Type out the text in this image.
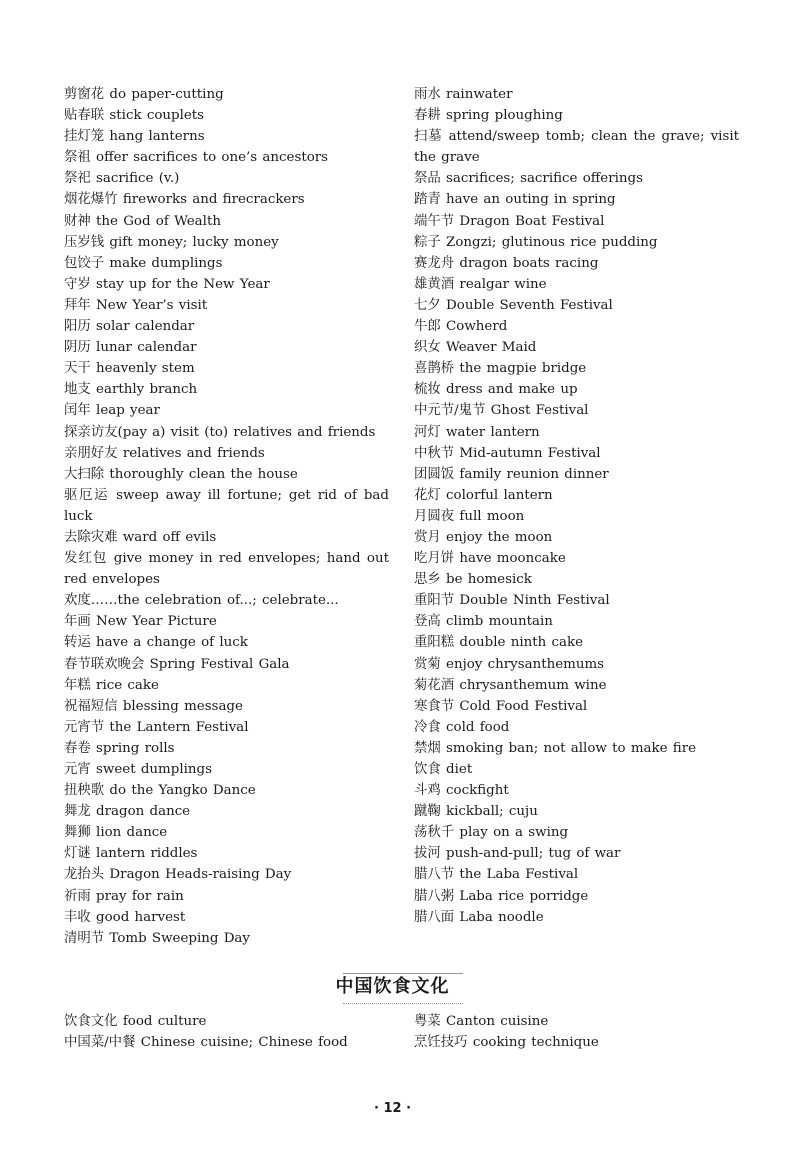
剪窗花 do paper-cutting
贴春联 stick couplets
挂灯笼 hang lanterns
祭祖 offer sacrifices to one’s ancestors
祭祀 sacrifice (v.)
烟花爆竹 fireworks and firecrackers
财神 the God of Wealth
压岁钱 gift money; lucky money
包饺子 make dumplings
守岁 stay up for the New Year
拜年 New Year’s visit
阳历 solar calendar
阴历 lunar calendar
天干 heavenly stem
地支 earthly branch
闰年 leap year
探亲访友(pay a) visit (to) relatives and friends
亲朋好友 relatives and friends
大扫除 thoroughly clean the house
驱厄运 sweep away ill fortune; get rid of bad luck
去除灾难 ward off evils
发红包 give money in red envelopes; hand out red envelopes
欢度……the celebration of...; celebrate...
年画 New Year Picture
转运 have a change of luck
春节联欢晚会 Spring Festival Gala
年糕 rice cake
祝福短信 blessing message
元宵节 the Lantern Festival
春卷 spring rolls
元宵 sweet dumplings
扭秧歌 do the Yangko Dance
舞龙 dragon dance
舞狮 lion dance
灯谜 lantern riddles
龙抬头 Dragon Heads-raising Day
祈雨 pray for rain
丰收 good harvest
清明节 Tomb Sweeping Day
雨水 rainwater
春耕 spring ploughing
扫墓 attend/sweep tomb; clean the grave; visit the grave
祭品 sacrifices; sacrifice offerings
踏青 have an outing in spring
端午节 Dragon Boat Festival
粽子 Zongzi; glutinous rice pudding
赛龙舟 dragon boats racing
雄黄酒 realgar wine
七夕 Double Seventh Festival
牛郎 Cowherd
织女 Weaver Maid
喜鹊桥 the magpie bridge
梳妆 dress and make up
中元节/鬼节 Ghost Festival
河灯 water lantern
中秋节 Mid-autumn Festival
团圆饭 family reunion dinner
花灯 colorful lantern
月圆夜 full moon
赏月 enjoy the moon
吃月饼 have mooncake
思乡 be homesick
重阳节 Double Ninth Festival
登高 climb mountain
重阳糕 double ninth cake
赏菊 enjoy chrysanthemums
菊花酒 chrysanthemum wine
寒食节 Cold Food Festival
冷食 cold food
禁烟 smoking ban; not allow to make fire
饮食 diet
斗鸡 cockfight
蹴鞠 kickball; cuju
荡秋千 play on a swing
拔河 push-and-pull; tug of war
腊八节 the Laba Festival
腊八粥 Laba rice porridge
腊八面 Laba noodle
中国饮食文化
饮食文化 food culture
中国菜/中餐 Chinese cuisine; Chinese food
粤菜 Canton cuisine
烹饪技巧 cooking technique
· 12 ·
